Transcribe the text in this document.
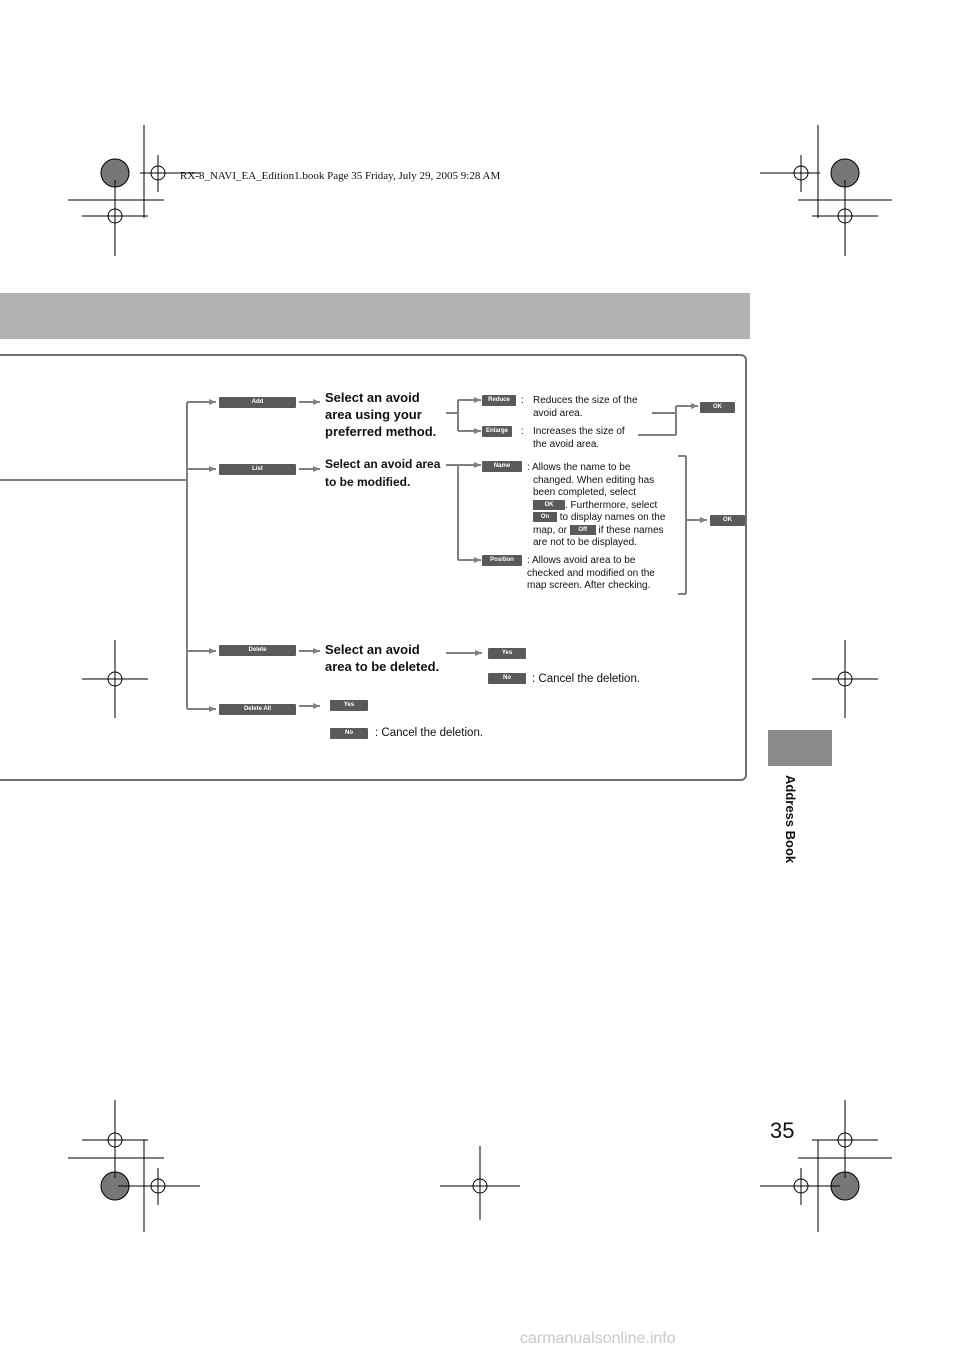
RX-8_NAVI_EA_Edition1.book Page 35 Friday, July 29, 2005 9:28 AM
Address Book
35
Add	Select an avoid
area using your
preferred method.
Reduce	: Reduces the size of the
avoid area.
Enlarge	: Increases the size of
the avoid area.
OK
List	Select an avoid area
to be modified.
Name	: Allows the name to be
changed. When editing has
been completed, select
OK . Furthermore, select
On to display names on the
map, or Off if these names
are not to be displayed.
Position	: Allows avoid area to be
checked and modified on the
map screen. After checking.
OK
Delete	Select an avoid
area to be deleted.
Yes
No	: Cancel the deletion.
Delete All
Yes
No	: Cancel the deletion.
carmanualsonline.info
